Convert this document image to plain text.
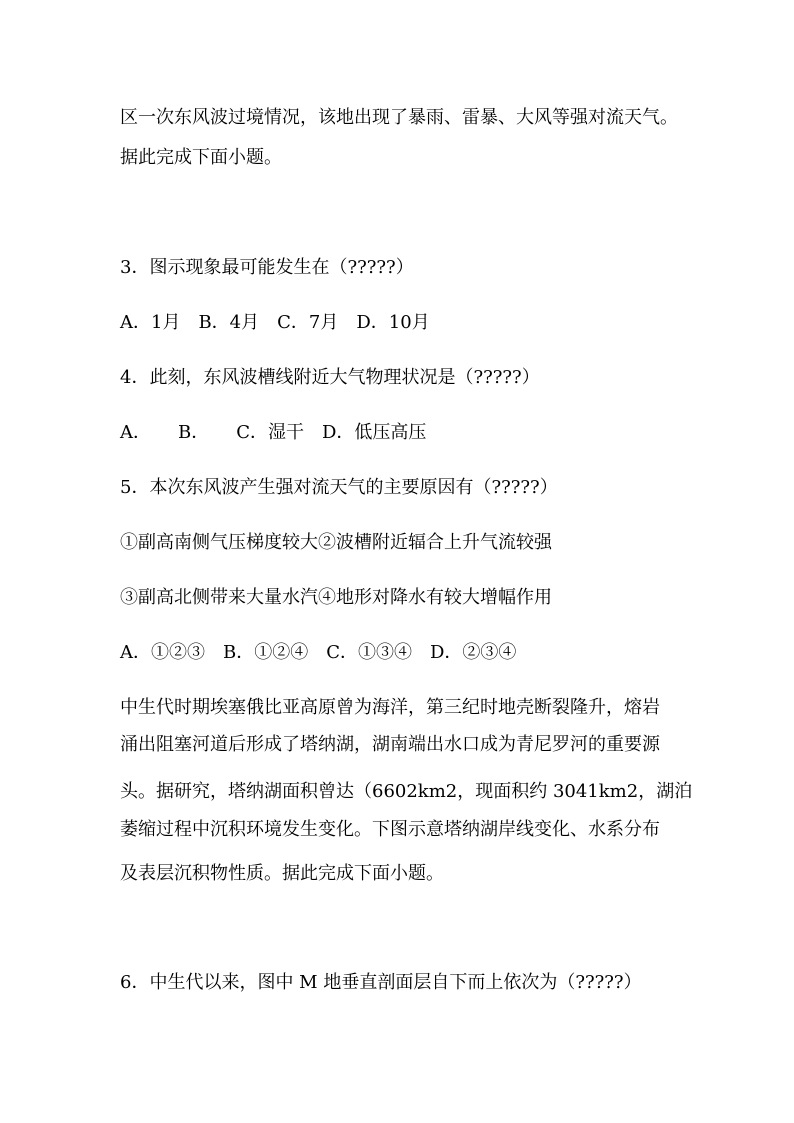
区一次东风波过境情况，该地出现了暴雨、雷暴、大风等强对流天气。
据此完成下面小题。
3．图示现象最可能发生在（?????）
A．1月　B．4月　C．7月　D．10月
4．此刻，东风波槽线附近大气物理状况是（?????）
A．　　B．　　C．湿干　D．低压高压
5．本次东风波产生强对流天气的主要原因有（?????）
①副高南侧气压梯度较大②波槽附近辐合上升气流较强
③副高北侧带来大量水汽④地形对降水有较大增幅作用
A．①②③　B．①②④　C．①③④　D．②③④
中生代时期埃塞俄比亚高原曾为海洋，第三纪时地壳断裂隆升，熔岩
涌出阻塞河道后形成了塔纳湖，湖南端出水口成为青尼罗河的重要源
头。据研究，塔纳湖面积曾达（6602km2，现面积约 3041km2，湖泊
萎缩过程中沉积环境发生变化。下图示意塔纳湖岸线变化、水系分布
及表层沉积物性质。据此完成下面小题。
6．中生代以来，图中 M 地垂直剖面层自下而上依次为（?????）
